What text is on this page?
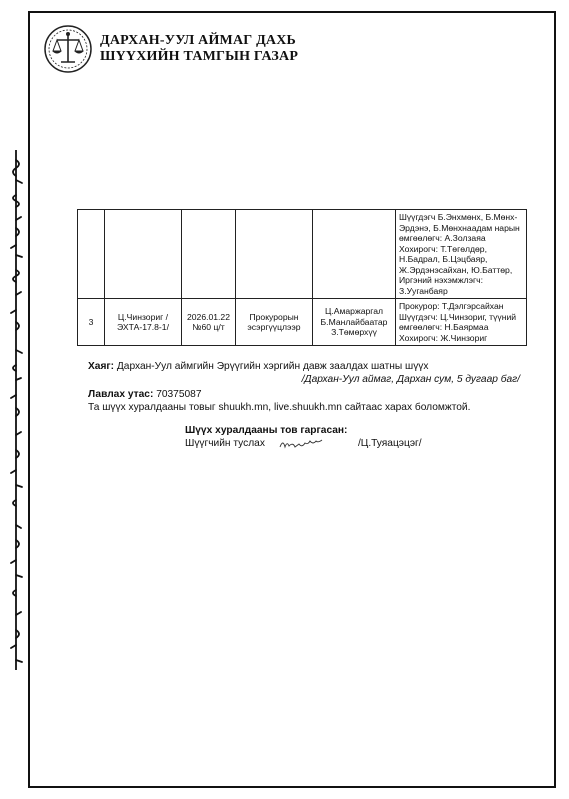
ДАРХАН-УУЛ АЙМАГ ДАХЬ
ШҮҮХИЙН ТАМГЫН ГАЗАР
					Шүүгдэгч Б.Энхмөнх, Б.Мөнх-Эрдэнэ, Б.Мөнхнаадам нарын өмгөөлөгч: А.Золзаяа Хохирогч: Т.Төгөлдөр, Н.Бадрал, Б.Цэцбаяр, Ж.Эрдэнэсайхан, Ю.Баттөр, Иргэний нэхэмжлэгч: З.Ууганбаяр
3	Ц.Чинзориг /ЭХТА-17.8-1/	2026.01.22 №60 ц/т	Прокурорын эсэргүүцлээр	Ц.Амаржаргал Б.Манлайбаатар З.Төмөрхүү	Прокурор: Т.Дэлгэрсайхан Шүүгдэгч: Ц.Чинзориг, түүний өмгөөлөгч: Н.Баярмаа Хохирогч: Ж.Чинзориг
Хаяг: Дархан-Уул аймгийн Эрүүгийн хэргийн давж заалдах шатны шүүх
/Дархан-Уул аймаг, Дархан сум, 5 дугаар баг/
Лавлах утас: 70375087
Та шүүх хуралдааны товыг shuukh.mn, live.shuukh.mn сайтаас харах боломжтой.
Шүүх хуралдааны тов гаргасан:
Шүүгчийн туслах	/Ц.Туяацэцэг/
